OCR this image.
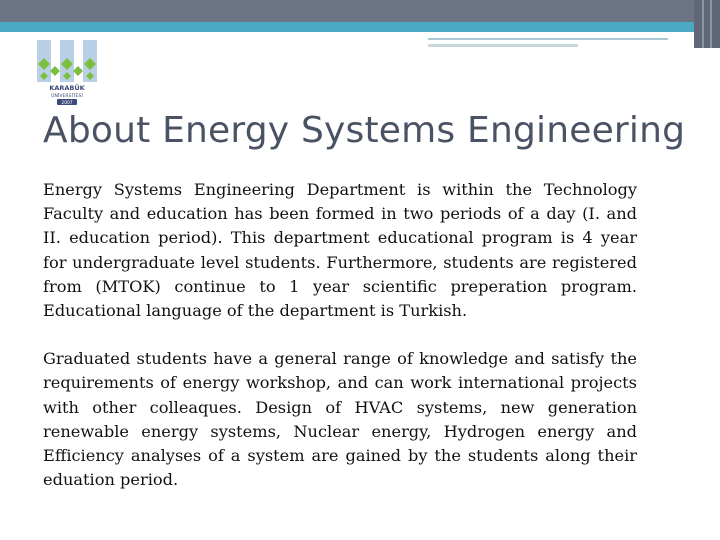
KARABÜK
ÜNİVERSİTESİ
2007
About Energy Systems Engineering

Energy Systems Engineering Department is within the Technology Faculty and education has been formed in two periods of a day (I. and II. education period). This department educational program is 4 year for undergraduate level students. Furthermore, students are registered from (MTOK) continue to 1 year scientific preperation program. Educational language of the department is Turkish.

Graduated students have a general range of knowledge and satisfy the requirements of energy workshop, and can work international projects with other colleaques. Design of HVAC systems, new generation renewable energy systems, Nuclear energy, Hydrogen energy and Efficiency analyses of a system are gained by the students along their eduation period.
